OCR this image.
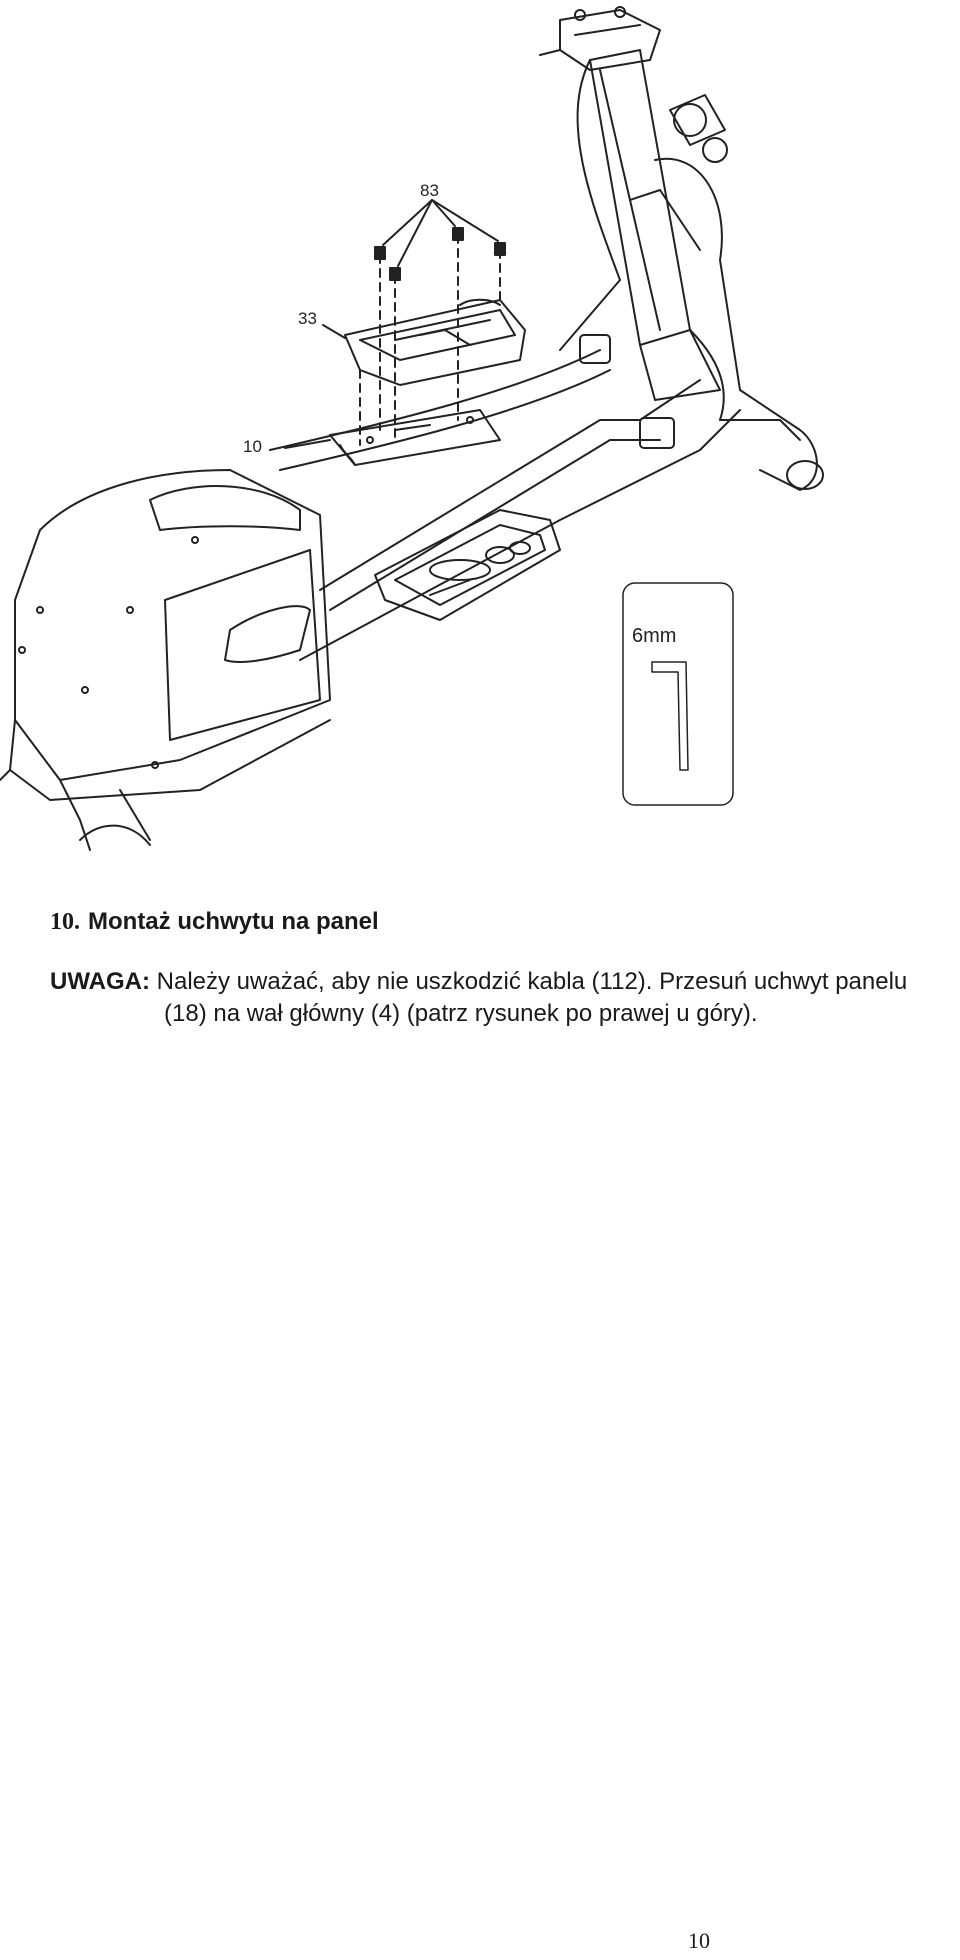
83
33
10
6mm
10. Montaż uchwytu na panel
UWAGA: Należy uważać, aby nie uszkodzić kabla (112). Przesuń uchwyt panelu
(18) na wał główny (4) (patrz rysunek po prawej u góry).
10
